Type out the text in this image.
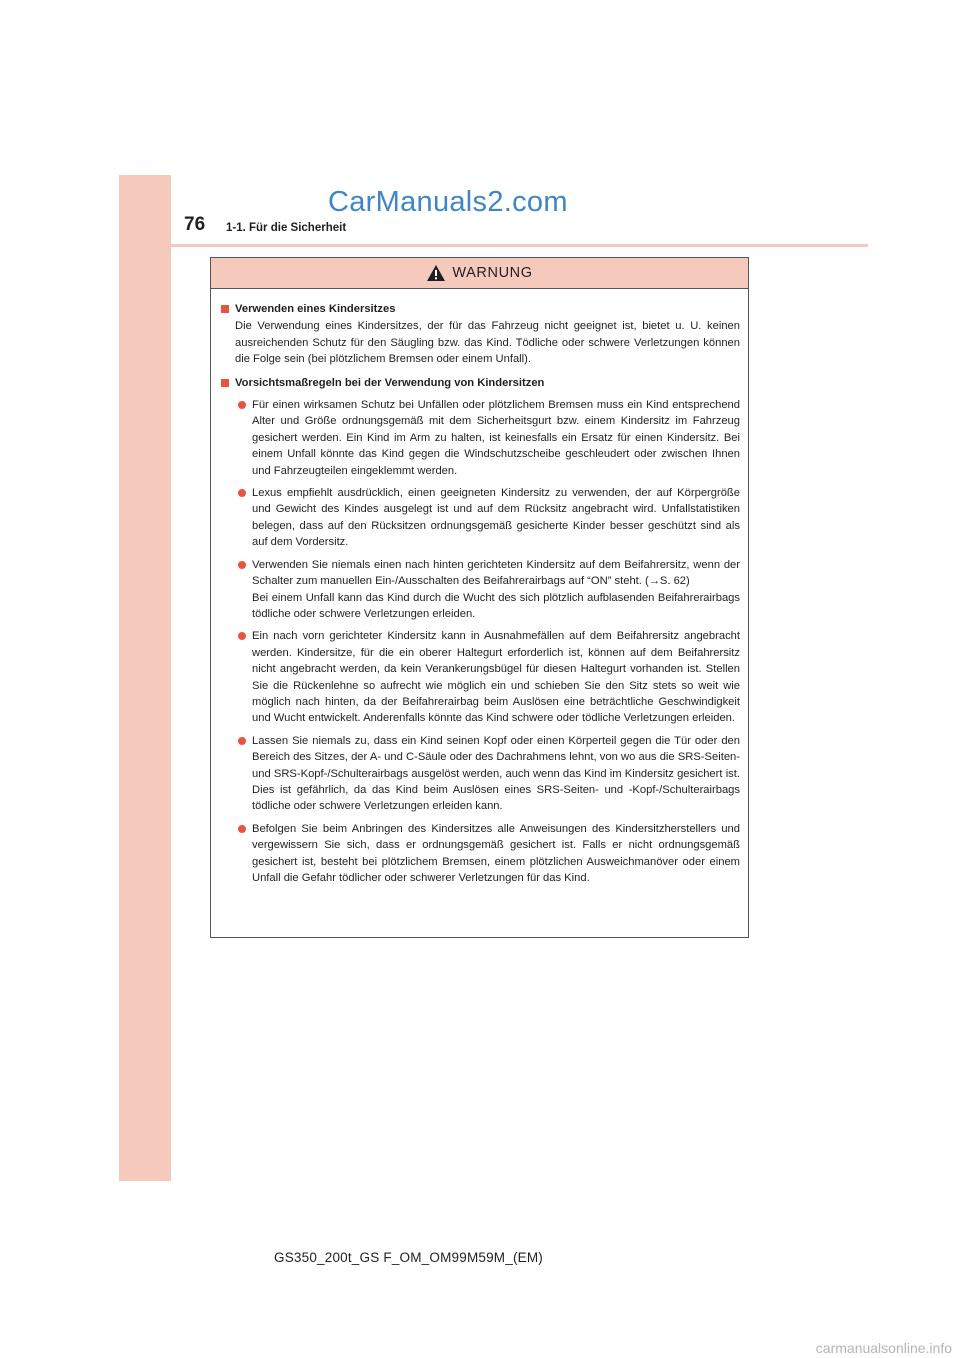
76 1-1. Für die Sicherheit
CarManuals2.com
WARNUNG
Verwenden eines Kindersitzes
Die Verwendung eines Kindersitzes, der für das Fahrzeug nicht geeignet ist, bietet u. U. keinen ausreichenden Schutz für den Säugling bzw. das Kind. Tödliche oder schwere Verletzungen können die Folge sein (bei plötzlichem Bremsen oder einem Unfall).
Vorsichtsmaßregeln bei der Verwendung von Kindersitzen

Für einen wirksamen Schutz bei Unfällen oder plötzlichem Bremsen muss ein Kind entsprechend Alter und Größe ordnungsgemäß mit dem Sicherheitsgurt bzw. einem Kindersitz im Fahrzeug gesichert werden. Ein Kind im Arm zu halten, ist keinesfalls ein Ersatz für einen Kindersitz. Bei einem Unfall könnte das Kind gegen die Windschutzscheibe geschleudert oder zwischen Ihnen und Fahrzeugteilen eingeklemmt werden.

Lexus empfiehlt ausdrücklich, einen geeigneten Kindersitz zu verwenden, der auf Körpergröße und Gewicht des Kindes ausgelegt ist und auf dem Rücksitz angebracht wird. Unfallstatistiken belegen, dass auf den Rücksitzen ordnungsgemäß gesicherte Kinder besser geschützt sind als auf dem Vordersitz.

Verwenden Sie niemals einen nach hinten gerichteten Kindersitz auf dem Beifahrersitz, wenn der Schalter zum manuellen Ein-/Ausschalten des Beifahrerairbags auf “ON” steht. (→S. 62)

Bei einem Unfall kann das Kind durch die Wucht des sich plötzlich aufblasenden Beifahrerairbags tödliche oder schwere Verletzungen erleiden.

Ein nach vorn gerichteter Kindersitz kann in Ausnahmefällen auf dem Beifahrersitz angebracht werden. Kindersitze, für die ein oberer Haltegurt erforderlich ist, können auf dem Beifahrersitz nicht angebracht werden, da kein Verankerungsbügel für diesen Haltegurt vorhanden ist. Stellen Sie die Rückenlehne so aufrecht wie möglich ein und schieben Sie den Sitz stets so weit wie möglich nach hinten, da der Beifahrerairbag beim Auslösen eine beträchtliche Geschwindigkeit und Wucht entwickelt. Anderenfalls könnte das Kind schwere oder tödliche Verletzungen erleiden.

Lassen Sie niemals zu, dass ein Kind seinen Kopf oder einen Körperteil gegen die Tür oder den Bereich des Sitzes, der A- und C-Säule oder des Dachrahmens lehnt, von wo aus die SRS-Seiten- und SRS-Kopf-/Schulterairbags ausgelöst werden, auch wenn das Kind im Kindersitz gesichert ist. Dies ist gefährlich, da das Kind beim Auslösen eines SRS-Seiten- und -Kopf-/Schulterairbags tödliche oder schwere Verletzungen erleiden kann.

Befolgen Sie beim Anbringen des Kindersitzes alle Anweisungen des Kindersitzherstellers und vergewissern Sie sich, dass er ordnungsgemäß gesichert ist. Falls er nicht ordnungsgemäß gesichert ist, besteht bei plötzlichem Bremsen, einem plötzlichen Ausweichmanöver oder einem Unfall die Gefahr tödlicher oder schwerer Verletzungen für das Kind.

GS350_200t_GS F_OM_OM99M59M_(EM)
carmanualsonline.info
